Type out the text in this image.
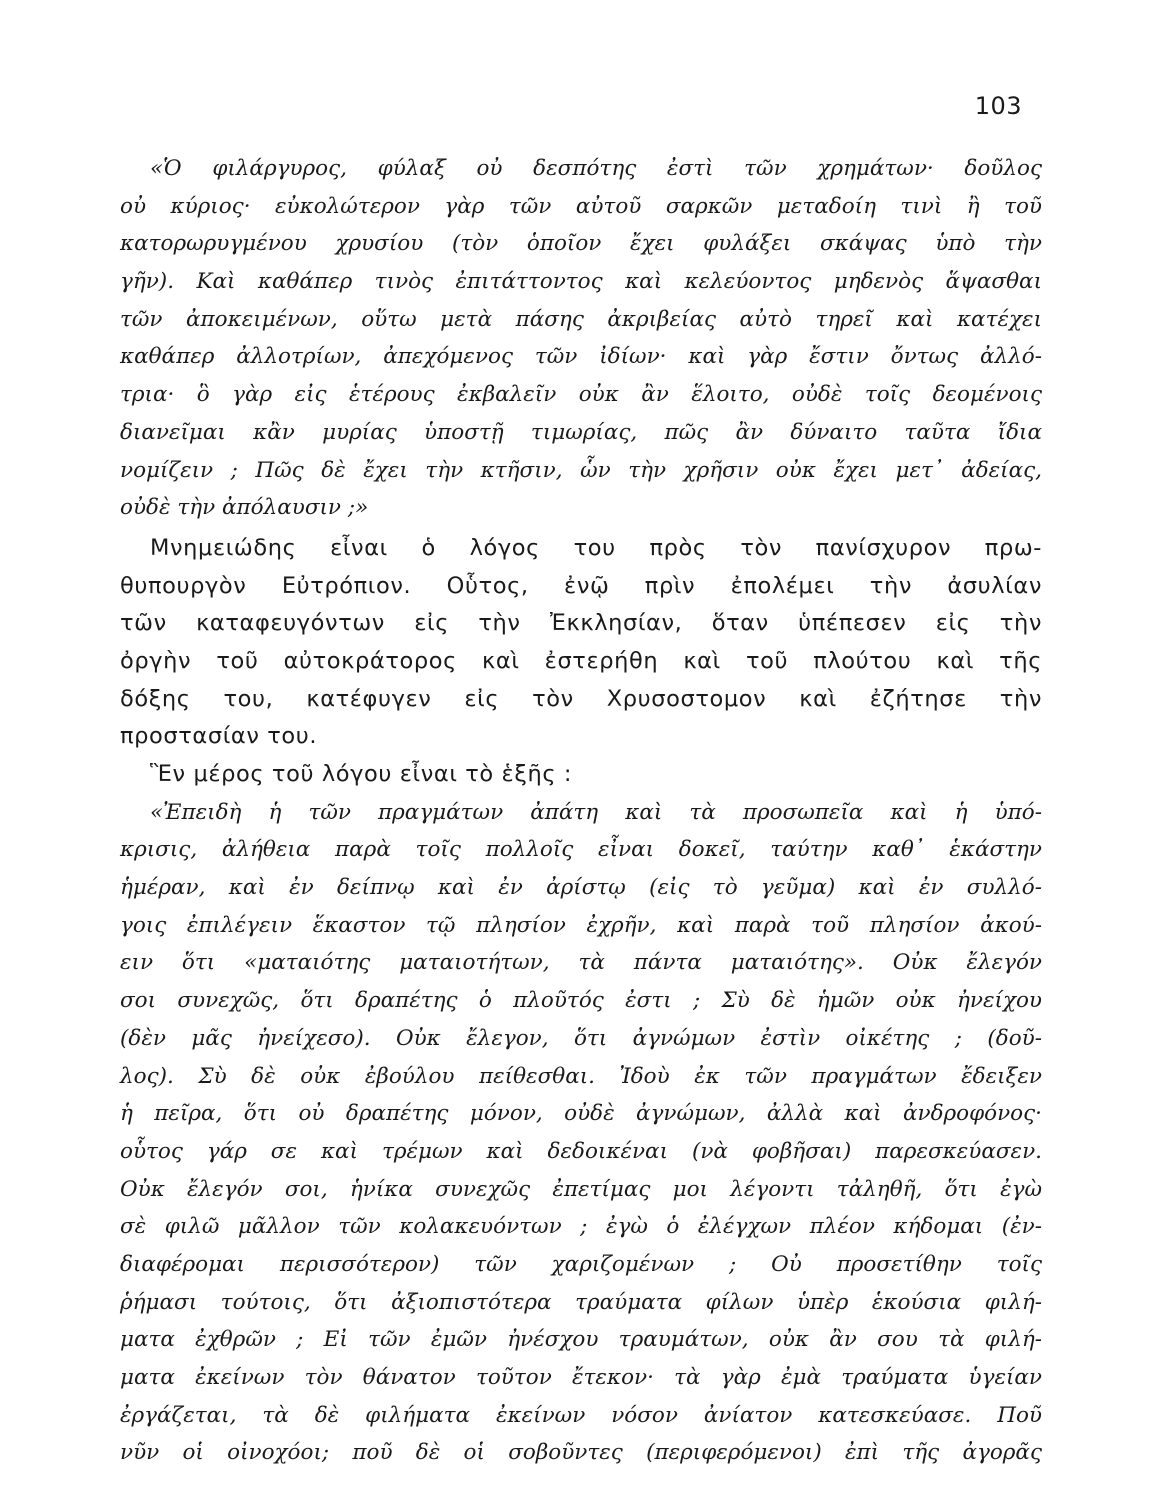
103
«Ὁ φιλάργυρος, φύλαξ οὐ δεσπότης ἐστὶ τῶν χρημάτων· δοῦλος
οὐ κύριος· εὐκολώτερον γὰρ τῶν αὐτοῦ σαρκῶν μεταδοίη τινὶ ἢ τοῦ
κατορωρυγμένου χρυσίου (τὸν ὁποῖον ἔχει φυλάξει σκάψας ὑπὸ τὴν
γῆν). Καὶ καθάπερ τινὸς ἐπιτάττοντος καὶ κελεύοντος μηδενὸς ἅψασθαι
τῶν ἀποκειμένων, οὕτω μετὰ πάσης ἀκριβείας αὐτὸ τηρεῖ καὶ κατέχει
καθάπερ ἀλλοτρίων, ἀπεχόμενος τῶν ἰδίων· καὶ γὰρ ἔστιν ὄντως ἀλλό-
τρια· ὃ γὰρ εἰς ἑτέρους ἐκβαλεῖν οὐκ ἂν ἕλοιτο, οὐδὲ τοῖς δεομένοις
διανεῖμαι κἂν μυρίας ὑποστῇ τιμωρίας, πῶς ἂν δύναιτο ταῦτα ἴδια
νομίζειν ; Πῶς δὲ ἔχει τὴν κτῆσιν, ὧν τὴν χρῆσιν οὐκ ἔχει μετ᾽ ἀδείας,
οὐδὲ τὴν ἀπόλαυσιν ;»
Μνημειώδης εἶναι ὁ λόγος του πρὸς τὸν πανίσχυρον πρω-
θυπουργὸν Εὐτρόπιον. Οὗτος, ἐνῷ πρὶν ἐπολέμει τὴν ἀσυλίαν
τῶν καταφευγόντων εἰς τὴν Ἐκκλησίαν, ὅταν ὑπέπεσεν εἰς τὴν
ὀργὴν τοῦ αὐτοκράτορος καὶ ἐστερήθη καὶ τοῦ πλούτου καὶ τῆς
δόξης του, κατέφυγεν εἰς τὸν Χρυσοστομον καὶ ἐζήτησε τὴν
προστασίαν του.
Ἓν μέρος τοῦ λόγου εἶναι τὸ ἑξῆς :
«Ἐπειδὴ ἡ τῶν πραγμάτων ἀπάτη καὶ τὰ προσωπεῖα καὶ ἡ ὑπό-
κρισις, ἀλήθεια παρὰ τοῖς πολλοῖς εἶναι δοκεῖ, ταύτην καθ᾽ ἑκάστην
ἡμέραν, καὶ ἐν δείπνῳ καὶ ἐν ἀρίστῳ (εἰς τὸ γεῦμα) καὶ ἐν συλλό-
γοις ἐπιλέγειν ἕκαστον τῷ πλησίον ἐχρῆν, καὶ παρὰ τοῦ πλησίον ἀκού-
ειν ὅτι «ματαιότης ματαιοτήτων, τὰ πάντα ματαιότης». Οὐκ ἔλεγόν
σοι συνεχῶς, ὅτι δραπέτης ὁ πλοῦτός ἐστι ; Σὺ δὲ ἡμῶν οὐκ ἠνείχου
(δὲν μᾶς ἠνείχεσο). Οὐκ ἔλεγον, ὅτι ἀγνώμων ἐστὶν οἰκέτης ; (δοῦ-
λος). Σὺ δὲ οὐκ ἐβούλου πείθεσθαι. Ἰδοὺ ἐκ τῶν πραγμάτων ἔδειξεν
ἡ πεῖρα, ὅτι οὐ δραπέτης μόνον, οὐδὲ ἀγνώμων, ἀλλὰ καὶ ἀνδροφόνος·
οὗτος γάρ σε καὶ τρέμων καὶ δεδοικέναι (νὰ φοβῆσαι) παρεσκεύασεν.
Οὐκ ἔλεγόν σοι, ἡνίκα συνεχῶς ἐπετίμας μοι λέγοντι τἀληθῆ, ὅτι ἐγὼ
σὲ φιλῶ μᾶλλον τῶν κολακευόντων ; ἐγὼ ὁ ἐλέγχων πλέον κήδομαι (ἐν-
διαφέρομαι περισσότερον) τῶν χαριζομένων ; Οὐ προσετίθην τοῖς
ῥήμασι τούτοις, ὅτι ἀξιοπιστότερα τραύματα φίλων ὑπὲρ ἑκούσια φιλή-
ματα ἐχθρῶν ; Εἰ τῶν ἐμῶν ἠνέσχου τραυμάτων, οὐκ ἂν σου τὰ φιλή-
ματα ἐκείνων τὸν θάνατον τοῦτον ἔτεκον· τὰ γὰρ ἐμὰ τραύματα ὑγείαν
ἐργάζεται, τὰ δὲ φιλήματα ἐκείνων νόσον ἀνίατον κατεσκεύασε. Ποῦ
νῦν οἱ οἰνοχόοι; ποῦ δὲ οἱ σοβοῦντες (περιφερόμενοι) ἐπὶ τῆς ἀγορᾶς
